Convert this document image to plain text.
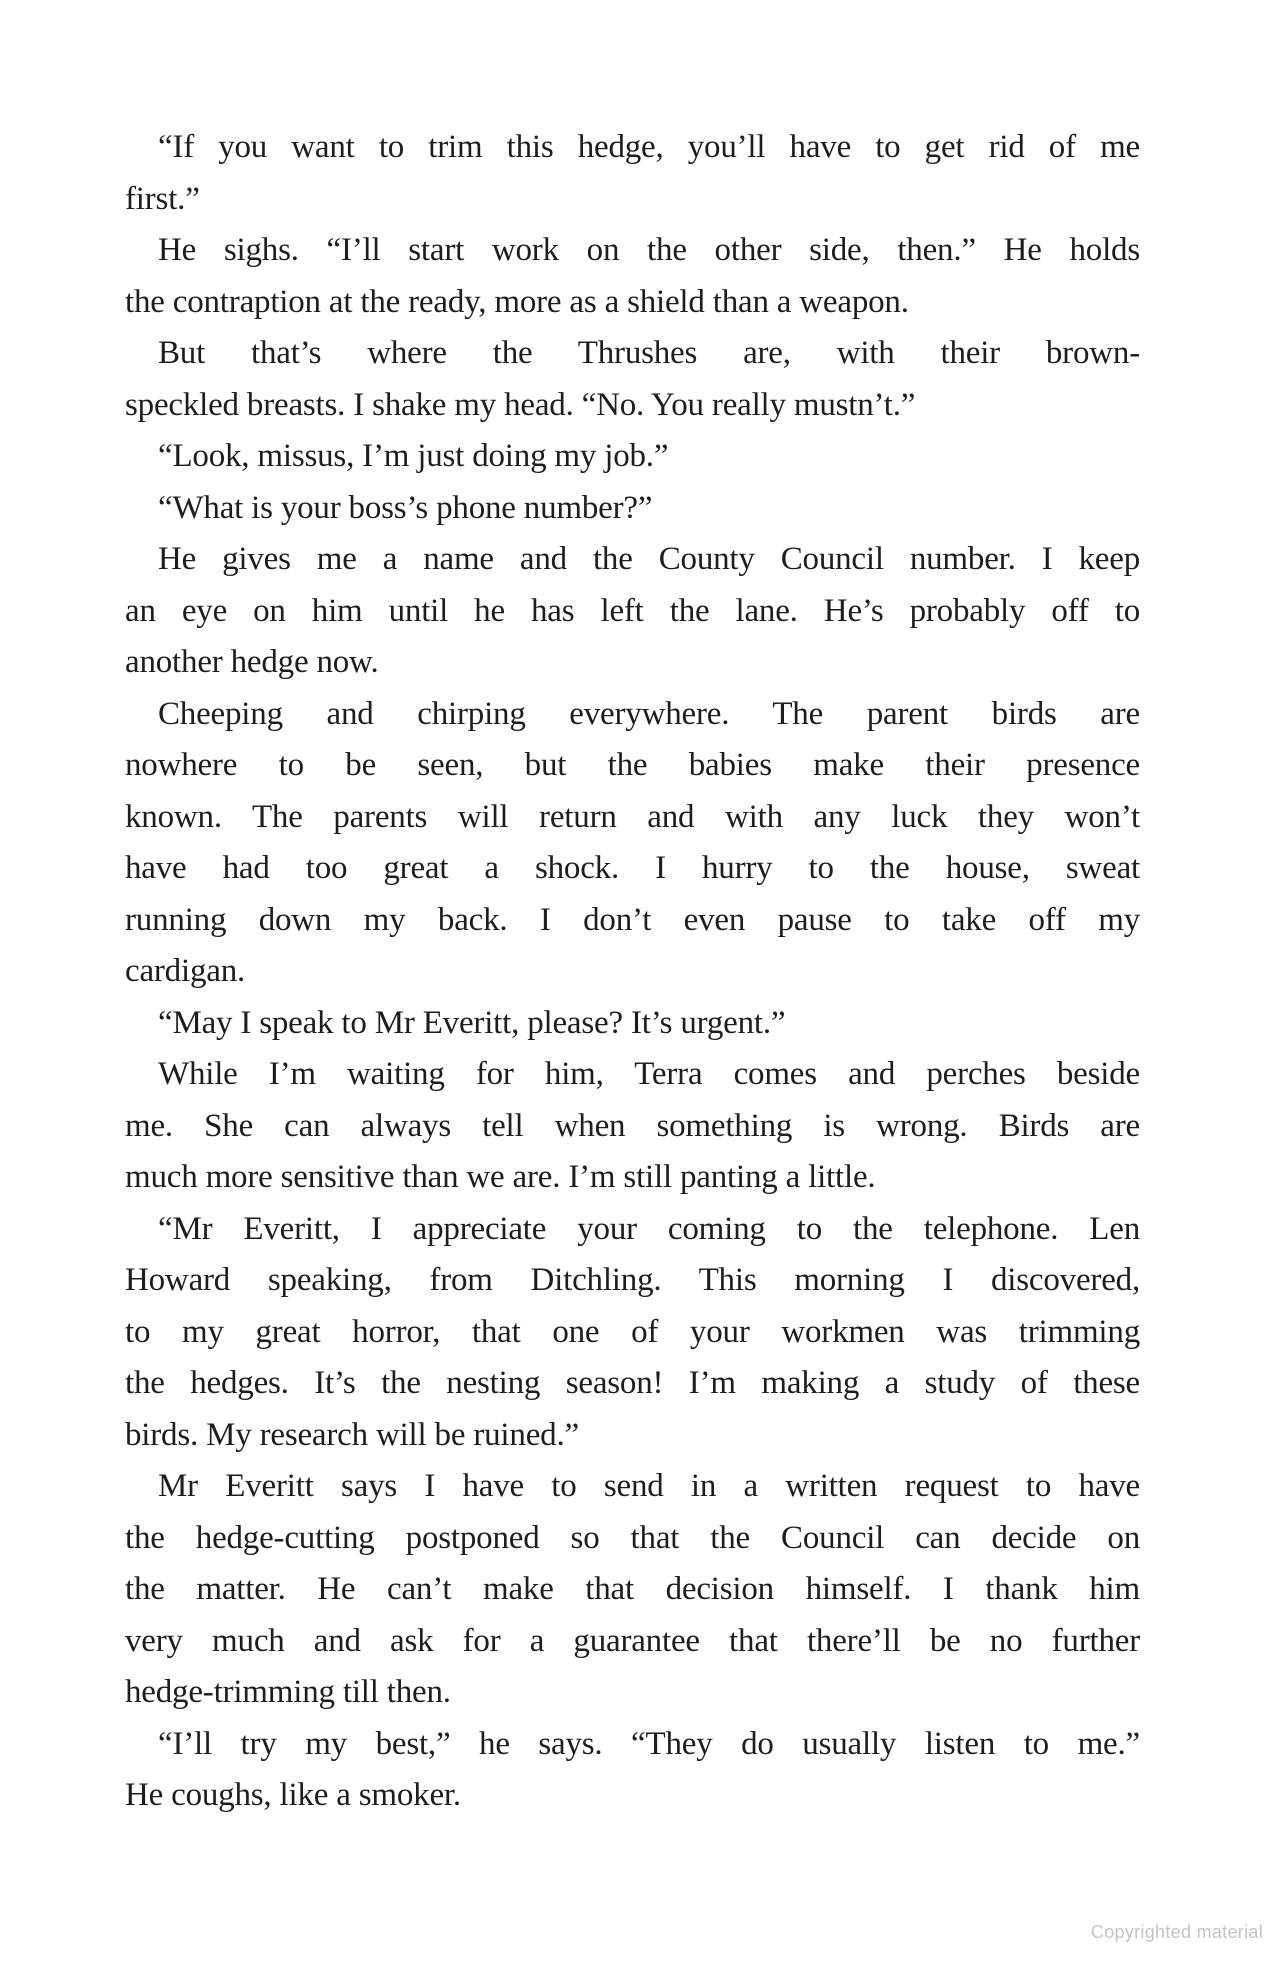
“If you want to trim this hedge, you’ll have to get rid of me
first.”
He sighs. “I’ll start work on the other side, then.” He holds
the contraption at the ready, more as a shield than a weapon.
But that’s where the Thrushes are, with their brown-
speckled breasts. I shake my head. “No. You really mustn’t.”
“Look, missus, I’m just doing my job.”
“What is your boss’s phone number?”
He gives me a name and the County Council number. I keep
an eye on him until he has left the lane. He’s probably off to
another hedge now.
Cheeping and chirping everywhere. The parent birds are
nowhere to be seen, but the babies make their presence
known. The parents will return and with any luck they won’t
have had too great a shock. I hurry to the house, sweat
running down my back. I don’t even pause to take off my
cardigan.
“May I speak to Mr Everitt, please? It’s urgent.”
While I’m waiting for him, Terra comes and perches beside
me. She can always tell when something is wrong. Birds are
much more sensitive than we are. I’m still panting a little.
“Mr Everitt, I appreciate your coming to the telephone. Len
Howard speaking, from Ditchling. This morning I discovered,
to my great horror, that one of your workmen was trimming
the hedges. It’s the nesting season! I’m making a study of these
birds. My research will be ruined.”
Mr Everitt says I have to send in a written request to have
the hedge-cutting postponed so that the Council can decide on
the matter. He can’t make that decision himself. I thank him
very much and ask for a guarantee that there’ll be no further
hedge-trimming till then.
“I’ll try my best,” he says. “They do usually listen to me.”
He coughs, like a smoker.
Copyrighted material
